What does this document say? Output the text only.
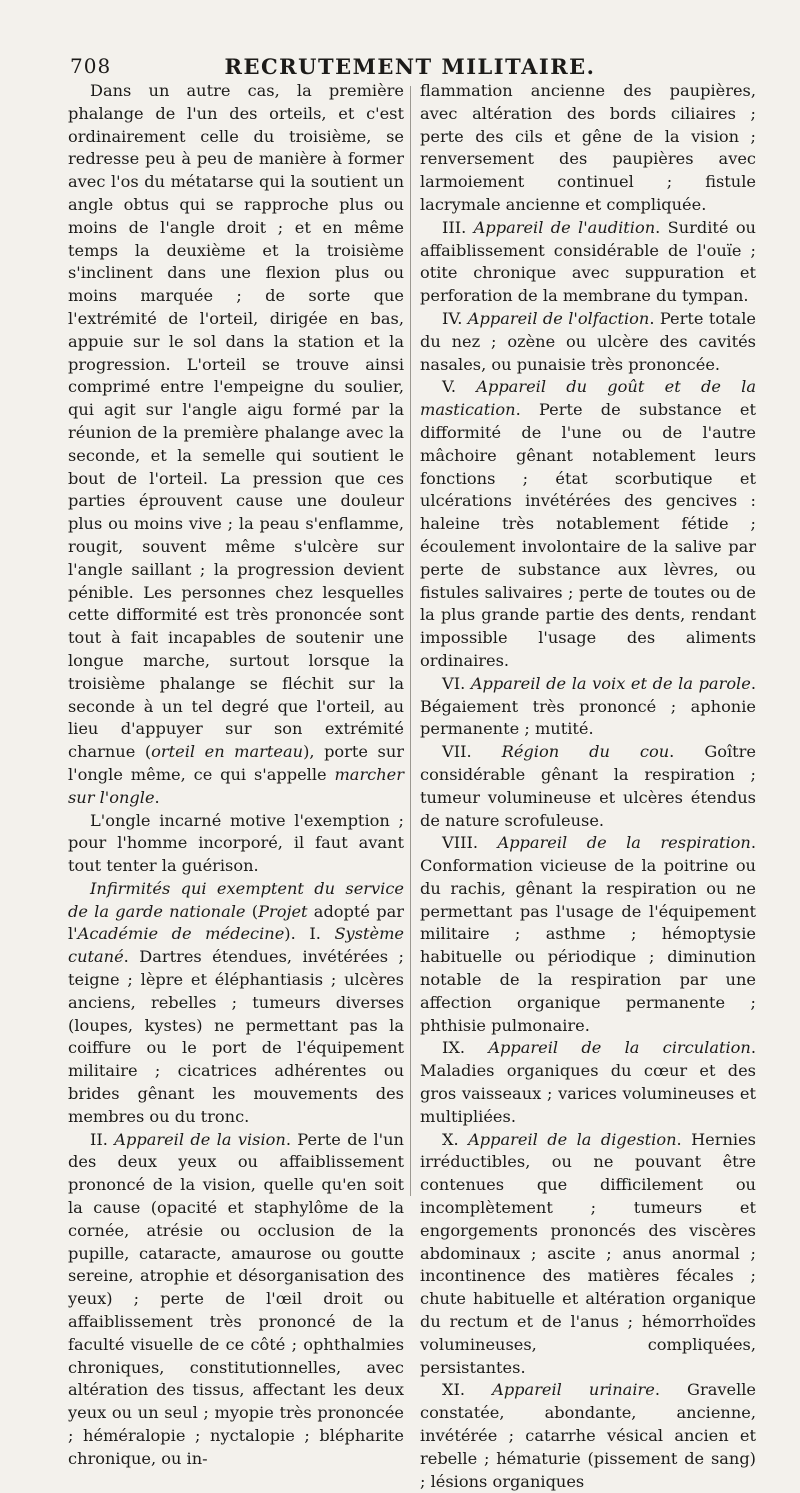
708	RECRUTEMENT MILITAIRE.

Dans un autre cas, la première phalange de l'un des orteils, et c'est ordinairement celle du troisième, se redresse peu à peu de manière à former avec l'os du métatarse qui la soutient un angle obtus qui se rapproche plus ou moins de l'angle droit ; et en même temps la deuxième et la troisième s'inclinent dans une flexion plus ou moins marquée ; de sorte que l'extrémité de l'orteil, dirigée en bas, appuie sur le sol dans la station et la progression. L'orteil se trouve ainsi comprimé entre l'empeigne du soulier, qui agit sur l'angle aigu formé par la réunion de la première phalange avec la seconde, et la semelle qui soutient le bout de l'orteil. La pression que ces parties éprouvent cause une douleur plus ou moins vive ; la peau s'enflamme, rougit, souvent même s'ulcère sur l'angle saillant ; la progression devient pénible. Les personnes chez lesquelles cette difformité est très prononcée sont tout à fait incapables de soutenir une longue marche, surtout lorsque la troisième phalange se fléchit sur la seconde à un tel degré que l'orteil, au lieu d'appuyer sur son extrémité charnue (orteil en marteau), porte sur l'ongle même, ce qui s'appelle marcher sur l'ongle.

L'ongle incarné motive l'exemption ; pour l'homme incorporé, il faut avant tout tenter la guérison.

Infirmités qui exemptent du service de la garde nationale (Projet adopté par l'Académie de médecine). I. Système cutané. Dartres étendues, invétérées ; teigne ; lèpre et éléphantiasis ; ulcères anciens, rebelles ; tumeurs diverses (loupes, kystes) ne permettant pas la coiffure ou le port de l'équipement militaire ; cicatrices adhérentes ou brides gênant les mouvements des membres ou du tronc.

II. Appareil de la vision. Perte de l'un des deux yeux ou affaiblissement prononcé de la vision, quelle qu'en soit la cause (opacité et staphylôme de la cornée, atrésie ou occlusion de la pupille, cataracte, amaurose ou goutte sereine, atrophie et désorganisation des yeux) ; perte de l'œil droit ou affaiblissement très prononcé de la faculté visuelle de ce côté ; ophthalmies chroniques, constitutionnelles, avec altération des tissus, affectant les deux yeux ou un seul ; myopie très prononcée ; héméralopie ; nyctalopie ; blépharite chronique, ou in-

flammation ancienne des paupières, avec altération des bords ciliaires ; perte des cils et gêne de la vision ; renversement des paupières avec larmoiement continuel ; fistule lacrymale ancienne et compliquée.

III. Appareil de l'audition. Surdité ou affaiblissement considérable de l'ouïe ; otite chronique avec suppuration et perforation de la membrane du tympan.

IV. Appareil de l'olfaction. Perte totale du nez ; ozène ou ulcère des cavités nasales, ou punaisie très prononcée.

V. Appareil du goût et de la mastication. Perte de substance et difformité de l'une ou de l'autre mâchoire gênant notablement leurs fonctions ; état scorbutique et ulcérations invétérées des gencives : haleine très notablement fétide ; écoulement involontaire de la salive par perte de substance aux lèvres, ou fistules salivaires ; perte de toutes ou de la plus grande partie des dents, rendant impossible l'usage des aliments ordinaires.

VI. Appareil de la voix et de la parole. Bégaiement très prononcé ; aphonie permanente ; mutité.

VII. Région du cou. Goître considérable gênant la respiration ; tumeur volumineuse et ulcères étendus de nature scrofuleuse.

VIII. Appareil de la respiration. Conformation vicieuse de la poitrine ou du rachis, gênant la respiration ou ne permettant pas l'usage de l'équipement militaire ; asthme ; hémoptysie habituelle ou périodique ; diminution notable de la respiration par une affection organique permanente ; phthisie pulmonaire.

IX. Appareil de la circulation. Maladies organiques du cœur et des gros vaisseaux ; varices volumineuses et multipliées.

X. Appareil de la digestion. Hernies irréductibles, ou ne pouvant être contenues que difficilement ou incomplètement ; tumeurs et engorgements prononcés des viscères abdominaux ; ascite ; anus anormal ; incontinence des matières fécales ; chute habituelle et altération organique du rectum et de l'anus ; hémorrhoïdes volumineuses, compliquées, persistantes.

XI. Appareil urinaire. Gravelle constatée, abondante, ancienne, invétérée ; catarrhe vésical ancien et rebelle ; hématurie (pissement de sang) ; lésions organiques
